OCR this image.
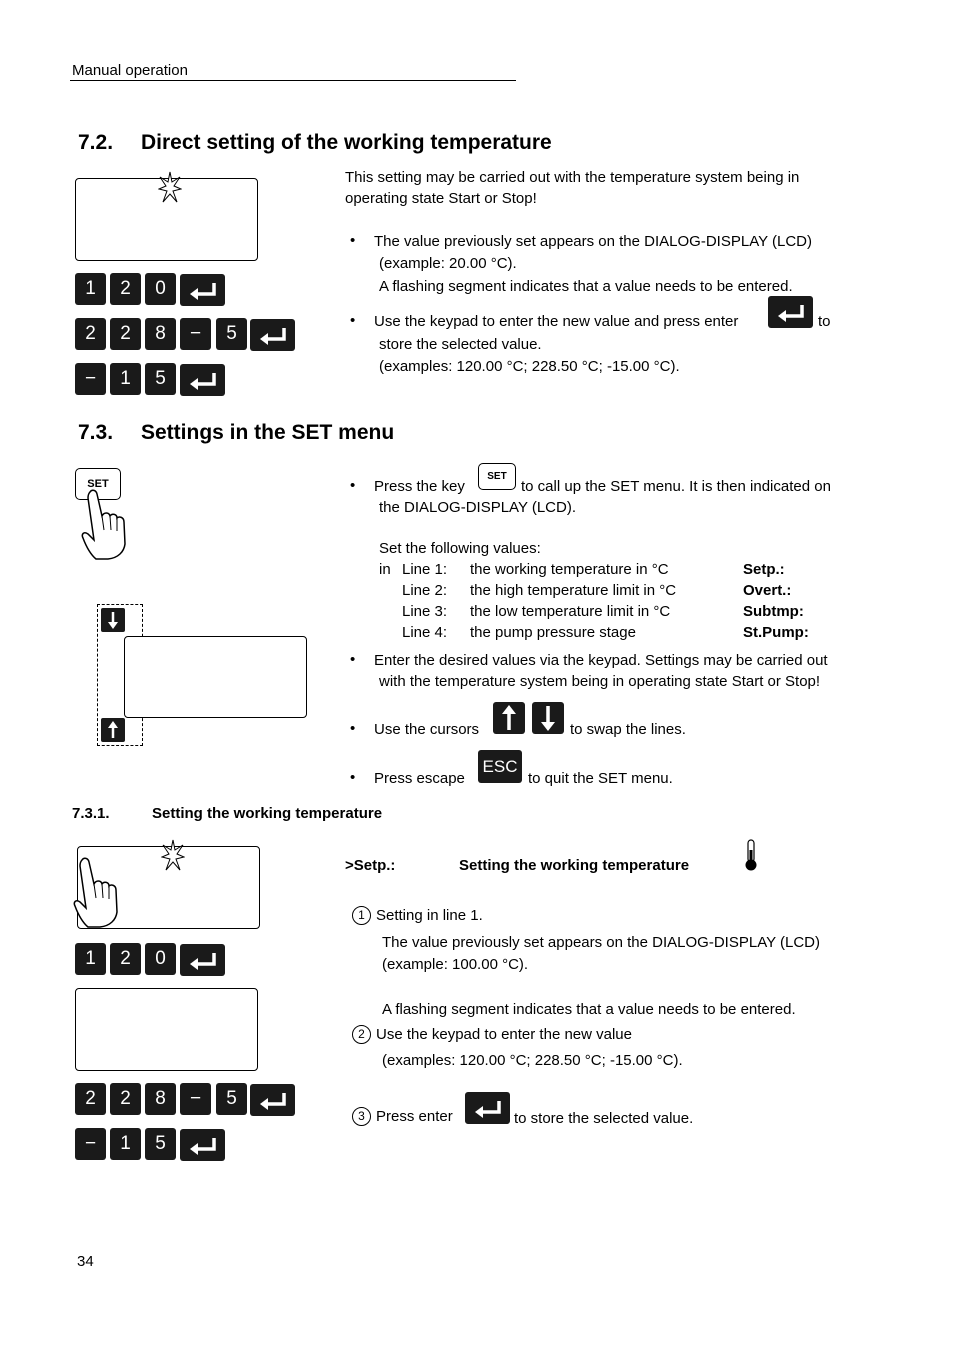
Manual operation
7.2. Direct setting of the working temperature
1	2	0
2	2	8	−	5
−	1	5
This setting may be carried out with the temperature system being in
operating state Start or Stop!
• The value previously set appears on the DIALOG-DISPLAY (LCD)
(example: 20.00 °C).
A flashing segment indicates that a value needs to be entered.
• Use the keypad to enter the new value and press enter	to
store the selected value.
(examples: 120.00 °C; 228.50 °C; -15.00 °C).
7.3. Settings in the SET menu
SET	• Press the key
SET
to call up the SET menu. It is then indicated on
the DIALOG-DISPLAY (LCD).
Set the following values:
in Line 1: the working temperature in °C	Setp.:
Line 2: the high temperature limit in °C	Overt.:
Line 3: the low temperature limit in °C	Subtmp:
Line 4: the pump pressure stage	St.Pump:
• Enter the desired values via the keypad. Settings may be carried out
with the temperature system being in operating state Start or Stop!
• Use the cursors	to swap the lines.
• Press escape
ESC
to quit the SET menu.
7.3.1.	Setting the working temperature
1	2	0
2	2	8	−	5
−	1	5
>Setp.:	Setting the working temperature
1 Setting in line 1.
The value previously set appears on the DIALOG-DISPLAY (LCD)
(example: 100.00 °C).
A flashing segment indicates that a value needs to be entered.
2 Use the keypad to enter the new value
(examples: 120.00 °C; 228.50 °C; -15.00 °C).
3 Press enter	to store the selected value.
34
